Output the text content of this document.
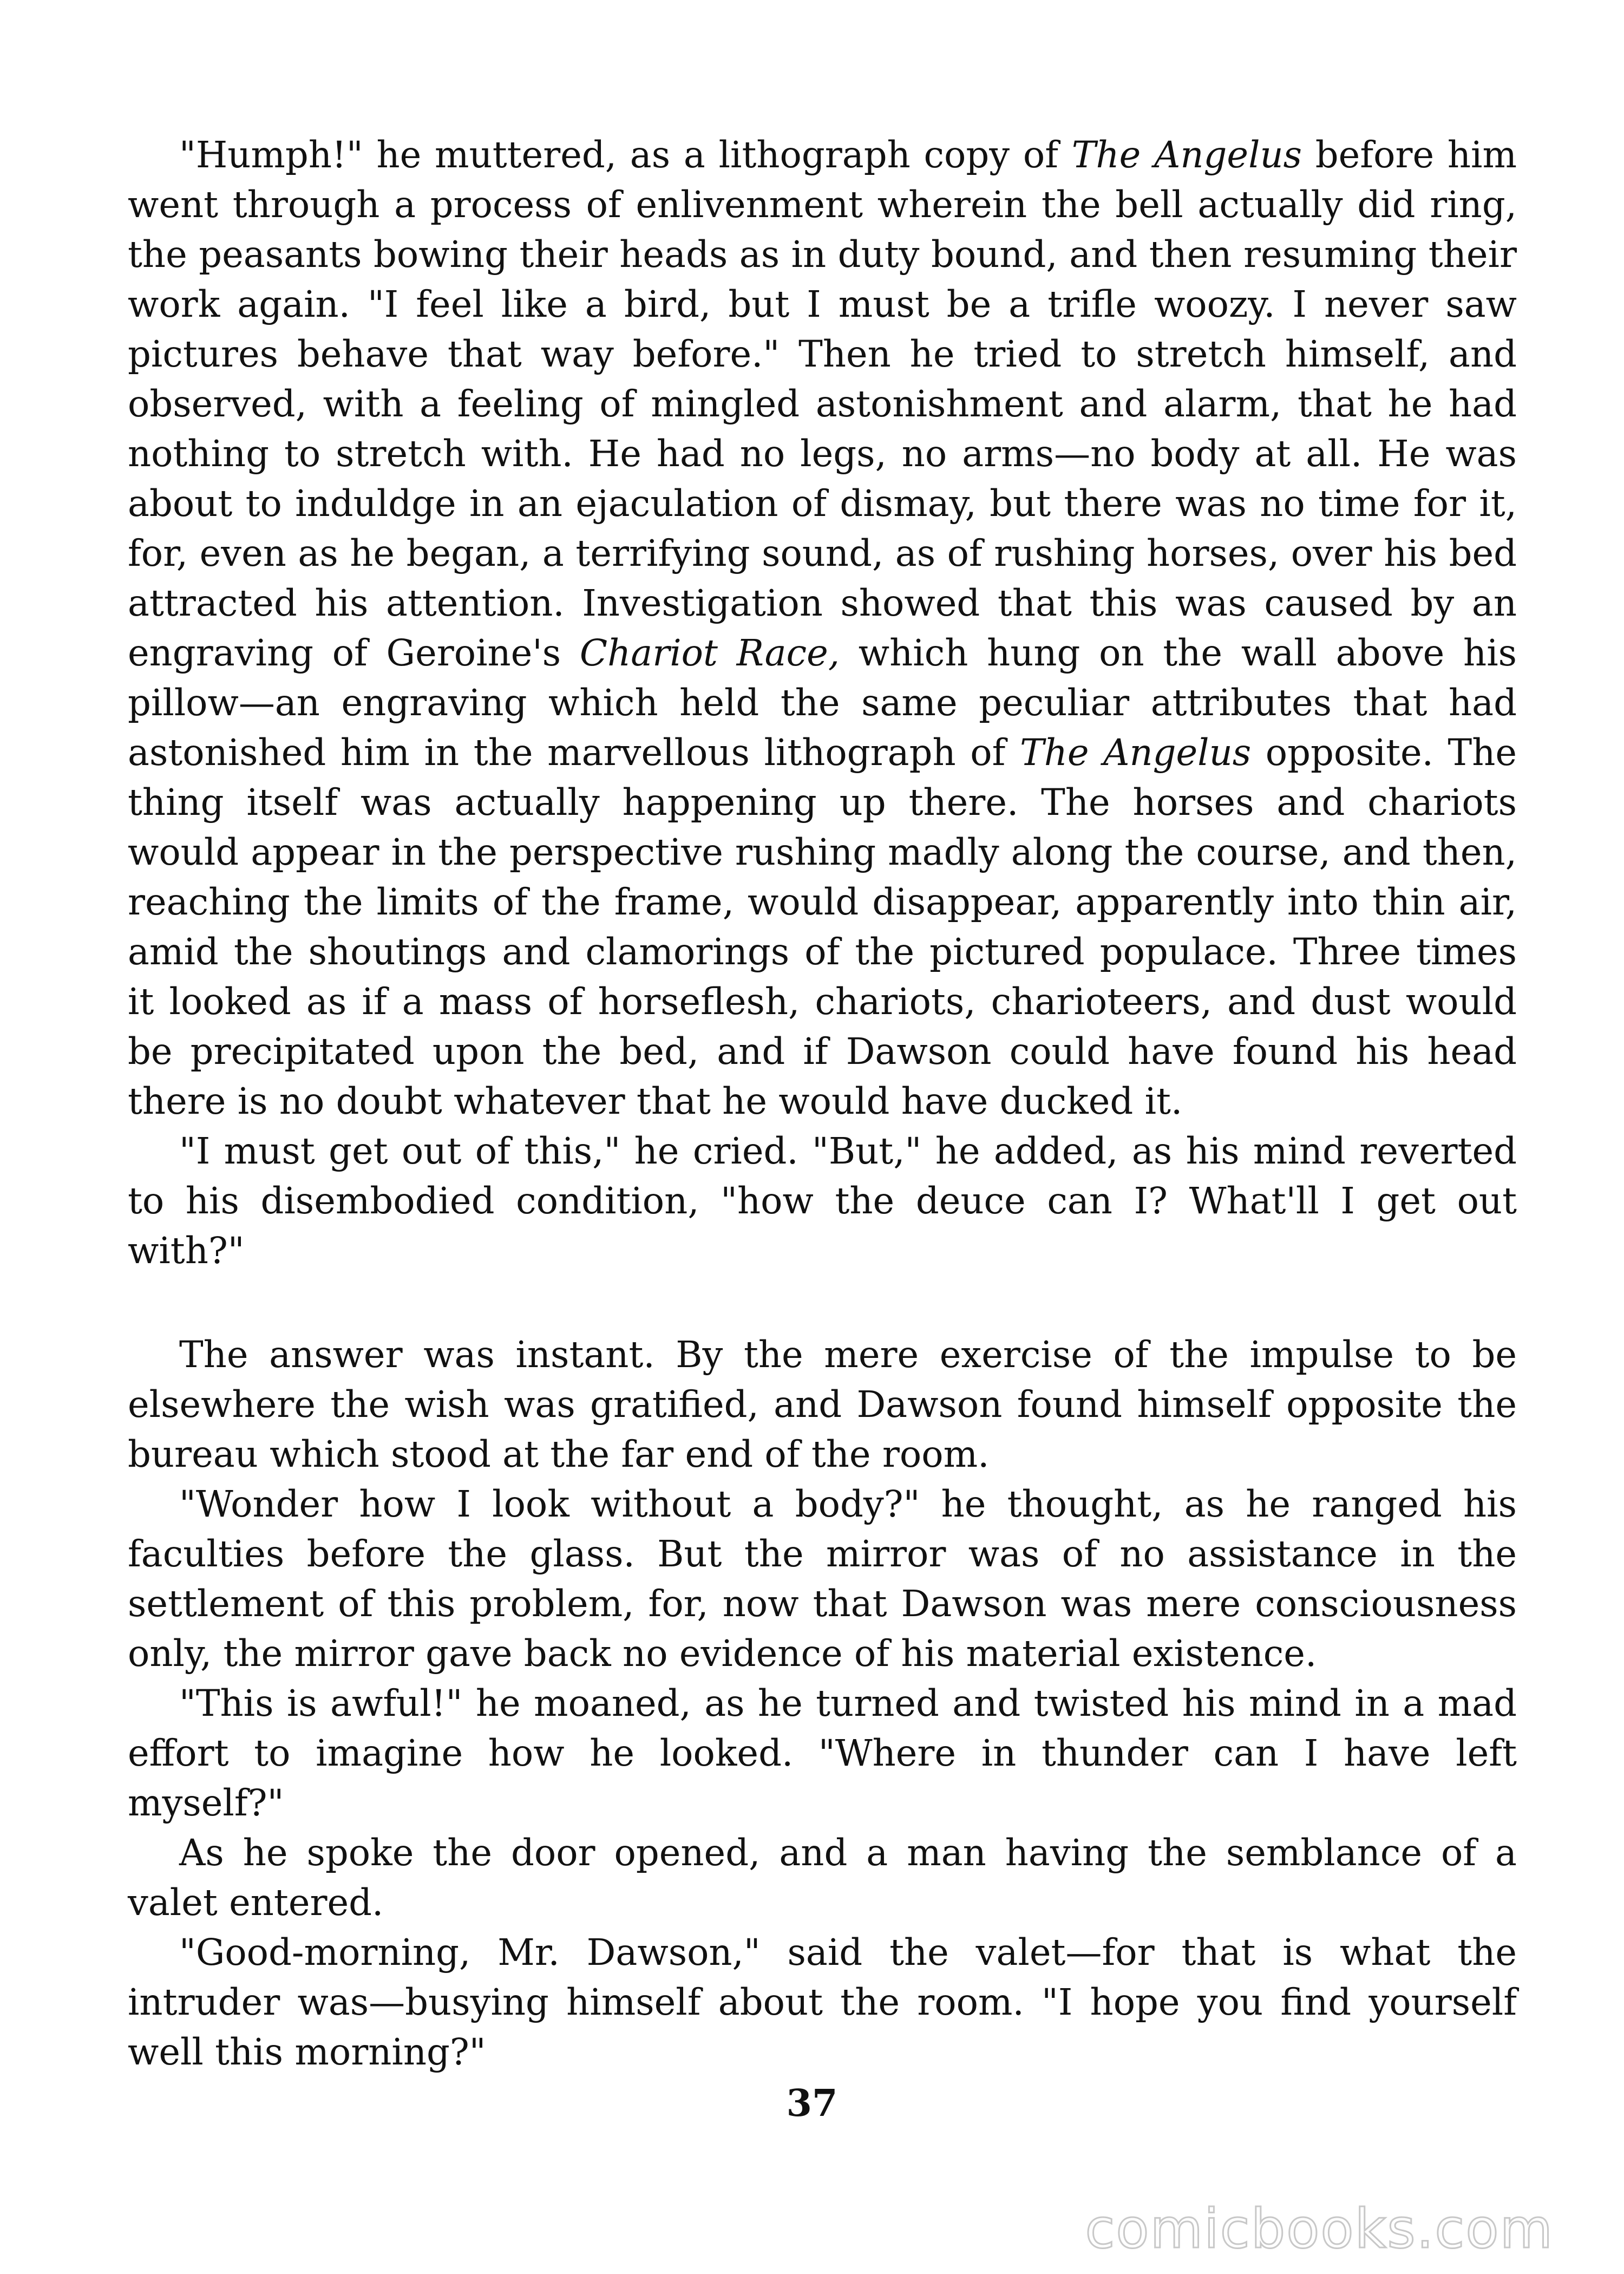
"Humph!" he muttered, as a lithograph copy of The Angelus before him went through a process of enlivenment wherein the bell actually did ring, the peasants bowing their heads as in duty bound, and then resuming their work again. "I feel like a bird, but I must be a trifle woozy. I never saw pictures behave that way before." Then he tried to stretch himself, and observed, with a feeling of mingled astonishment and alarm, that he had nothing to stretch with. He had no legs, no arms—no body at all. He was about to induldge in an ejaculation of dismay, but there was no time for it, for, even as he began, a terrifying sound, as of rushing horses, over his bed attracted his attention. Investigation showed that this was caused by an engraving of Geroine's Chariot Race, which hung on the wall above his pillow—an engraving which held the same peculiar attributes that had astonished him in the marvellous lithograph of The Angelus opposite. The thing itself was actually happening up there. The horses and chariots would appear in the perspective rushing madly along the course, and then, reaching the limits of the frame, would disappear, apparently into thin air, amid the shoutings and clamorings of the pictured populace. Three times it looked as if a mass of horseflesh, chariots, charioteers, and dust would be precipitated upon the bed, and if Dawson could have found his head there is no doubt whatever that he would have ducked it.

"I must get out of this," he cried. "But," he added, as his mind reverted to his disembodied condition, "how the deuce can I? What'll I get out with?"

The answer was instant. By the mere exercise of the impulse to be elsewhere the wish was gratified, and Dawson found himself opposite the bureau which stood at the far end of the room.

"Wonder how I look without a body?" he thought, as he ranged his faculties before the glass. But the mirror was of no assistance in the settlement of this problem, for, now that Dawson was mere consciousness only, the mirror gave back no evidence of his material existence.

"This is awful!" he moaned, as he turned and twisted his mind in a mad effort to imagine how he looked. "Where in thunder can I have left myself?"

As he spoke the door opened, and a man having the semblance of a valet entered.

"Good-morning, Mr. Dawson," said the valet—for that is what the intruder was—busying himself about the room. "I hope you find yourself well this morning?"

37
comicbooks.com
